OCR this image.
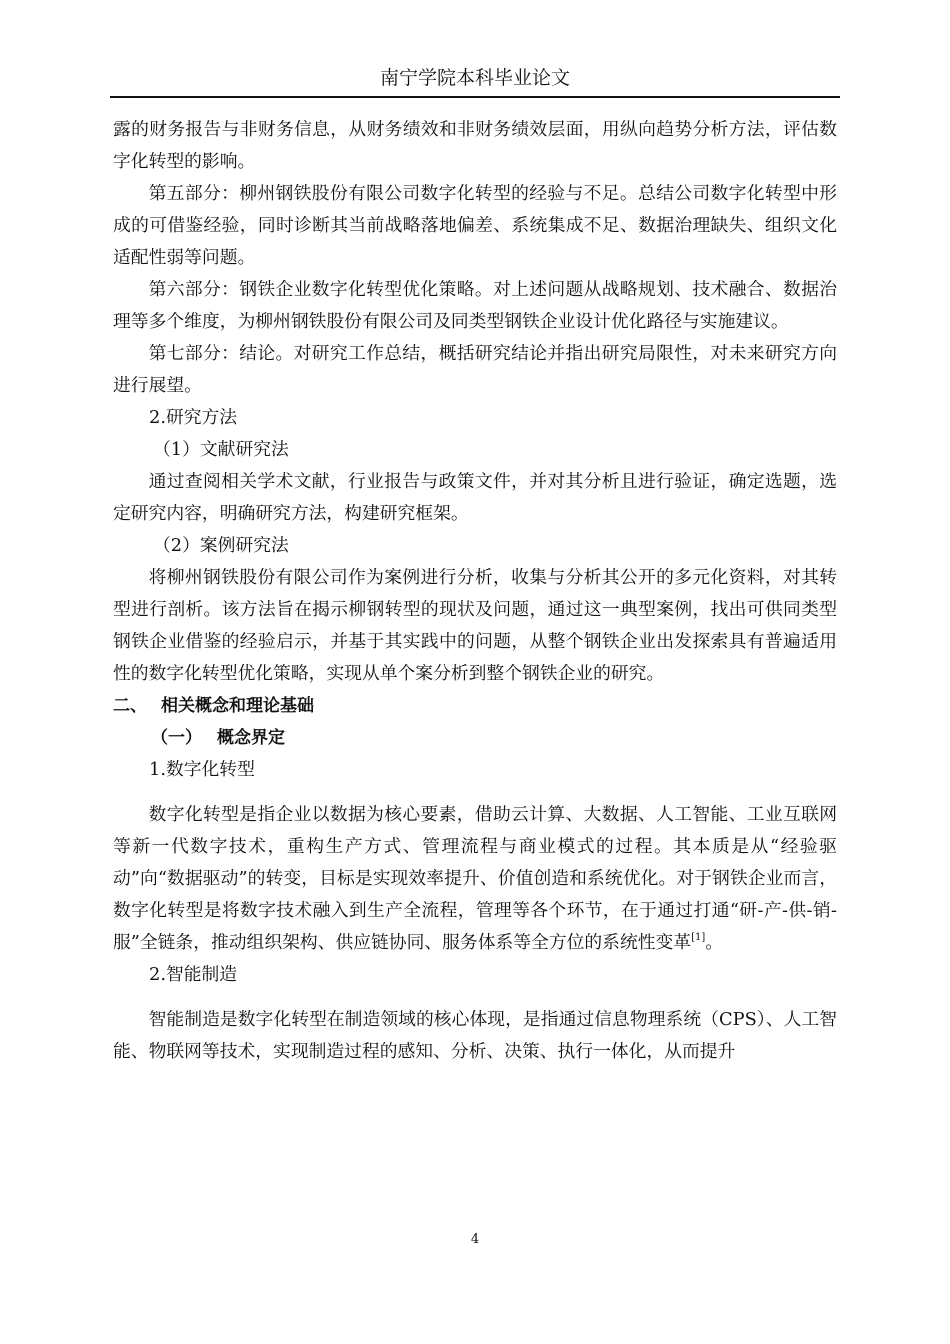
南宁学院本科毕业论文

露的财务报告与非财务信息，从财务绩效和非财务绩效层面，用纵向趋势分析方法，评估数字化转型的影响。

第五部分：柳州钢铁股份有限公司数字化转型的经验与不足。总结公司数字化转型中形成的可借鉴经验，同时诊断其当前战略落地偏差、系统集成不足、数据治理缺失、组织文化适配性弱等问题。

第六部分：钢铁企业数字化转型优化策略。对上述问题从战略规划、技术融合、数据治理等多个维度，为柳州钢铁股份有限公司及同类型钢铁企业设计优化路径与实施建议。

第七部分：结论。对研究工作总结，概括研究结论并指出研究局限性，对未来研究方向进行展望。

2.研究方法

（1）文献研究法

通过查阅相关学术文献，行业报告与政策文件，并对其分析且进行验证，确定选题，选定研究内容，明确研究方法，构建研究框架。

（2）案例研究法

将柳州钢铁股份有限公司作为案例进行分析，收集与分析其公开的多元化资料，对其转型进行剖析。该方法旨在揭示柳钢转型的现状及问题，通过这一典型案例，找出可供同类型钢铁企业借鉴的经验启示，并基于其实践中的问题，从整个钢铁企业出发探索具有普遍适用性的数字化转型优化策略，实现从单个案分析到整个钢铁企业的研究。

二、 相关概念和理论基础

（一） 概念界定

1.数字化转型

数字化转型是指企业以数据为核心要素，借助云计算、大数据、人工智能、工业互联网等新一代数字技术，重构生产方式、管理流程与商业模式的过程。其本质是从“经验驱动”向“数据驱动”的转变，目标是实现效率提升、价值创造和系统优化。对于钢铁企业而言，数字化转型是将数字技术融入到生产全流程，管理等各个环节，在于通过打通“研-产-供-销-服”全链条，推动组织架构、供应链协同、服务体系等全方位的系统性变革[1]。

2.智能制造

智能制造是数字化转型在制造领域的核心体现，是指通过信息物理系统（CPS）、人工智能、物联网等技术，实现制造过程的感知、分析、决策、执行一体化，从而提升

4
